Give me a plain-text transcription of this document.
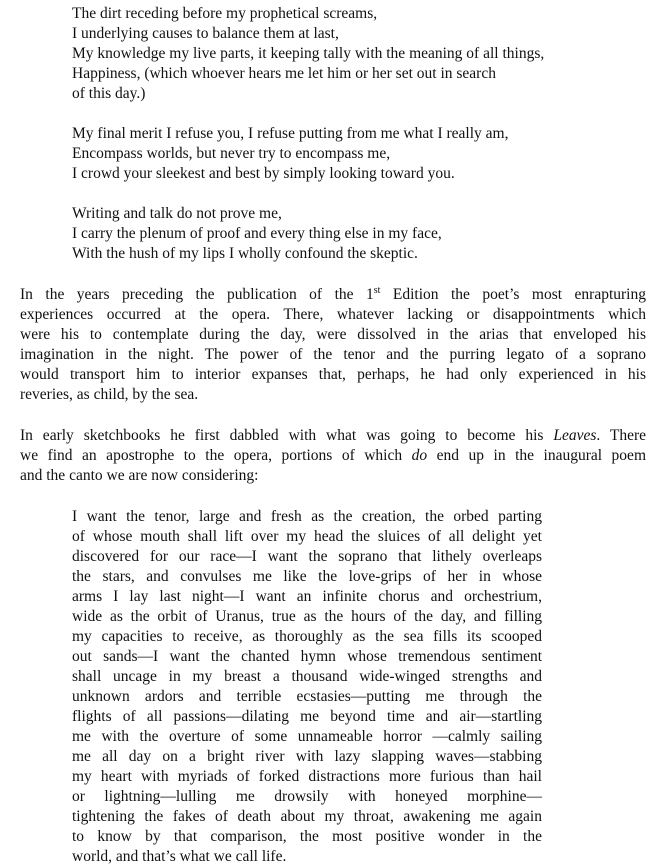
The dirt receding before my prophetical screams,
I underlying causes to balance them at last,
My knowledge my live parts, it keeping tally with the meaning of all things,
Happiness, (which whoever hears me let him or her set out in search
of this day.)
My final merit I refuse you, I refuse putting from me what I really am,
Encompass worlds, but never try to encompass me,
I crowd your sleekest and best by simply looking toward you.
Writing and talk do not prove me,
I carry the plenum of proof and every thing else in my face,
With the hush of my lips I wholly confound the skeptic.
In the years preceding the publication of the 1st Edition the poet’s most enrapturing
experiences occurred at the opera. There, whatever lacking or disappointments which
were his to contemplate during the day, were dissolved in the arias that enveloped his
imagination in the night. The power of the tenor and the purring legato of a soprano
would transport him to interior expanses that, perhaps, he had only experienced in his
reveries, as child, by the sea.
In early sketchbooks he first dabbled with what was going to become his Leaves. There
we find an apostrophe to the opera, portions of which do end up in the inaugural poem
and the canto we are now considering:
I want the tenor, large and fresh as the creation, the orbed parting
of whose mouth shall lift over my head the sluices of all delight yet
discovered for our race—I want the soprano that lithely overleaps
the stars, and convulses me like the love-grips of her in whose
arms I lay last night—I want an infinite chorus and orchestrium,
wide as the orbit of Uranus, true as the hours of the day, and filling
my capacities to receive, as thoroughly as the sea fills its scooped
out sands—I want the chanted hymn whose tremendous sentiment
shall uncage in my breast a thousand wide-winged strengths and
unknown ardors and terrible ecstasies—putting me through the
flights of all passions—dilating me beyond time and air—startling
me with the overture of some unnameable horror —calmly sailing
me all day on a bright river with lazy slapping waves—stabbing
my heart with myriads of forked distractions more furious than hail
or lightning—lulling me drowsily with honeyed morphine—
tightening the fakes of death about my throat, awakening me again
to know by that comparison, the most positive wonder in the
world, and that’s what we call life.
